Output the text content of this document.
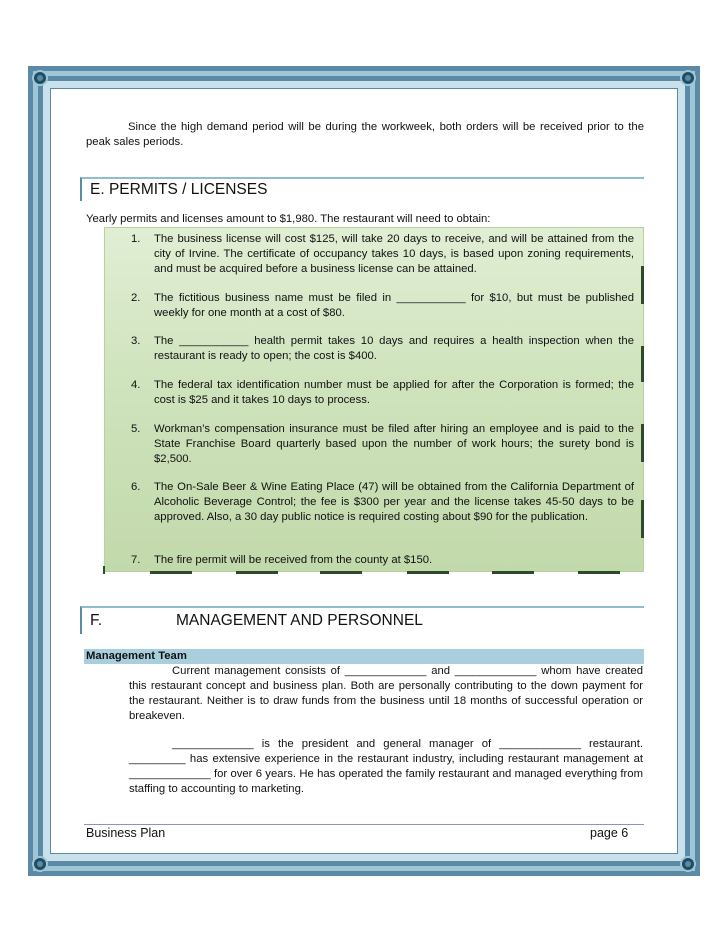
Since the high demand period will be during the workweek, both orders will be received prior to the peak sales periods.

E. PERMITS / LICENSES

Yearly permits and licenses amount to $1,980. The restaurant will need to obtain:

1.	The business license will cost $125, will take 20 days to receive, and will be attained from the city of Irvine. The certificate of occupancy takes 10 days, is based upon zoning requirements, and must be acquired before a business license can be attained.
2.	The fictitious business name must be filed in ___________ for $10, but must be published weekly for one month at a cost of $80.
3.	The ___________ health permit takes 10 days and requires a health inspection when the restaurant is ready to open; the cost is $400.
4.	The federal tax identification number must be applied for after the Corporation is formed; the cost is $25 and it takes 10 days to process.
5.	Workman’s compensation insurance must be filed after hiring an employee and is paid to the State Franchise Board quarterly based upon the number of work hours; the surety bond is $2,500.
6.	The On-Sale Beer & Wine Eating Place (47) will be obtained from the California Department of Alcoholic Beverage Control; the fee is $300 per year and the license takes 45-50 days to be approved. Also, a 30 day public notice is required costing about $90 for the publication.
7.	The fire permit will be received from the county at $150.
F.	MANAGEMENT AND PERSONNEL
Management Team

Current management consists of _____________ and _____________ whom have created this restaurant concept and business plan. Both are personally contributing to the down payment for the restaurant. Neither is to draw funds from the business until 18 months of successful operation or breakeven.

_____________ is the president and general manager of _____________ restaurant. _________ has extensive experience in the restaurant industry, including restaurant management at _____________ for over 6 years. He has operated the family restaurant and managed everything from staffing to accounting to marketing.

Business Plan	page 6
